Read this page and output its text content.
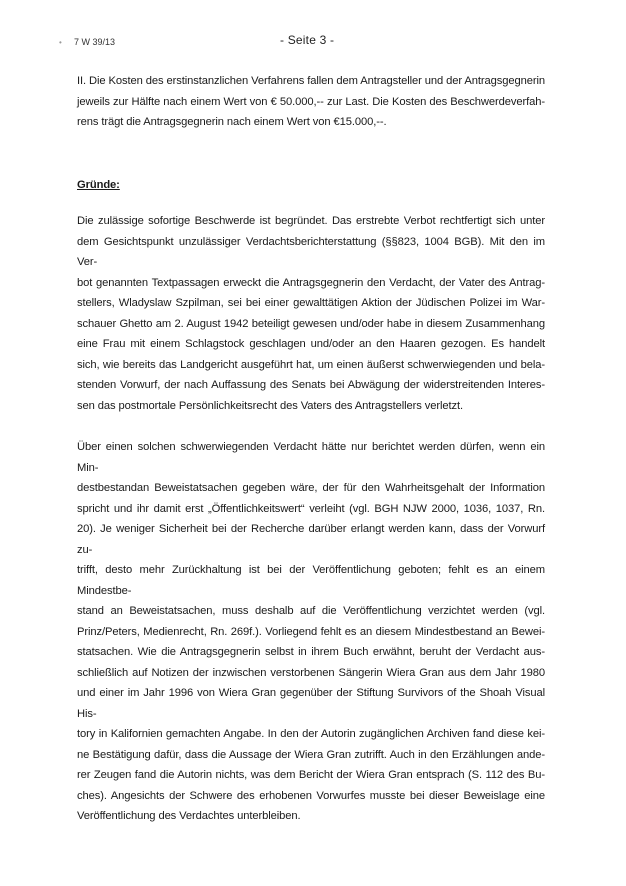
• 7 W 39/13	- Seite 3 -

II. Die Kosten des erstinstanzlichen Verfahrens fallen dem Antragsteller und der Antragsgegnerin
jeweils zur Hälfte nach einem Wert von € 50.000,-- zur Last. Die Kosten des Beschwerdeverfah-
rens trägt die Antragsgegnerin nach einem Wert von €15.000,--.

Gründe:

Die zulässige sofortige Beschwerde ist begründet. Das erstrebte Verbot rechtfertigt sich unter
dem Gesichtspunkt unzulässiger Verdachtsberichterstattung (§§823, 1004 BGB). Mit den im Ver-
bot genannten Textpassagen erweckt die Antragsgegnerin den Verdacht, der Vater des Antrag-
stellers, Wladyslaw Szpilman, sei bei einer gewalttätigen Aktion der Jüdischen Polizei im War-
schauer Ghetto am 2. August 1942 beteiligt gewesen und/oder habe in diesem Zusammenhang
eine Frau mit einem Schlagstock geschlagen und/oder an den Haaren gezogen. Es handelt
sich, wie bereits das Landgericht ausgeführt hat, um einen äußerst schwerwiegenden und bela-
stenden Vorwurf, der nach Auffassung des Senats bei Abwägung der widerstreitenden Interes-
sen das postmortale Persönlichkeitsrecht des Vaters des Antragstellers verletzt.

Über einen solchen schwerwiegenden Verdacht hätte nur berichtet werden dürfen, wenn ein Min-
destbestandan Beweistatsachen gegeben wäre, der für den Wahrheitsgehalt der Information
spricht und ihr damit erst „Öffentlichkeitswert“ verleiht (vgl. BGH NJW 2000, 1036, 1037, Rn.
20). Je weniger Sicherheit bei der Recherche darüber erlangt werden kann, dass der Vorwurf zu-
trifft, desto mehr Zurückhaltung ist bei der Veröffentlichung geboten; fehlt es an einem Mindestbe-
stand an Beweistatsachen, muss deshalb auf die Veröffentlichung verzichtet werden (vgl.
Prinz/Peters, Medienrecht, Rn. 269f.). Vorliegend fehlt es an diesem Mindestbestand an Bewei-
statsachen. Wie die Antragsgegnerin selbst in ihrem Buch erwähnt, beruht der Verdacht aus-
schließlich auf Notizen der inzwischen verstorbenen Sängerin Wiera Gran aus dem Jahr 1980
und einer im Jahr 1996 von Wiera Gran gegenüber der Stiftung Survivors of the Shoah Visual His-
tory in Kalifornien gemachten Angabe. In den der Autorin zugänglichen Archiven fand diese kei-
ne Bestätigung dafür, dass die Aussage der Wiera Gran zutrifft. Auch in den Erzählungen ande-
rer Zeugen fand die Autorin nichts, was dem Bericht der Wiera Gran entsprach (S. 112 des Bu-
ches). Angesichts der Schwere des erhobenen Vorwurfes musste bei dieser Beweislage eine
Veröffentlichung des Verdachtes unterbleiben.
